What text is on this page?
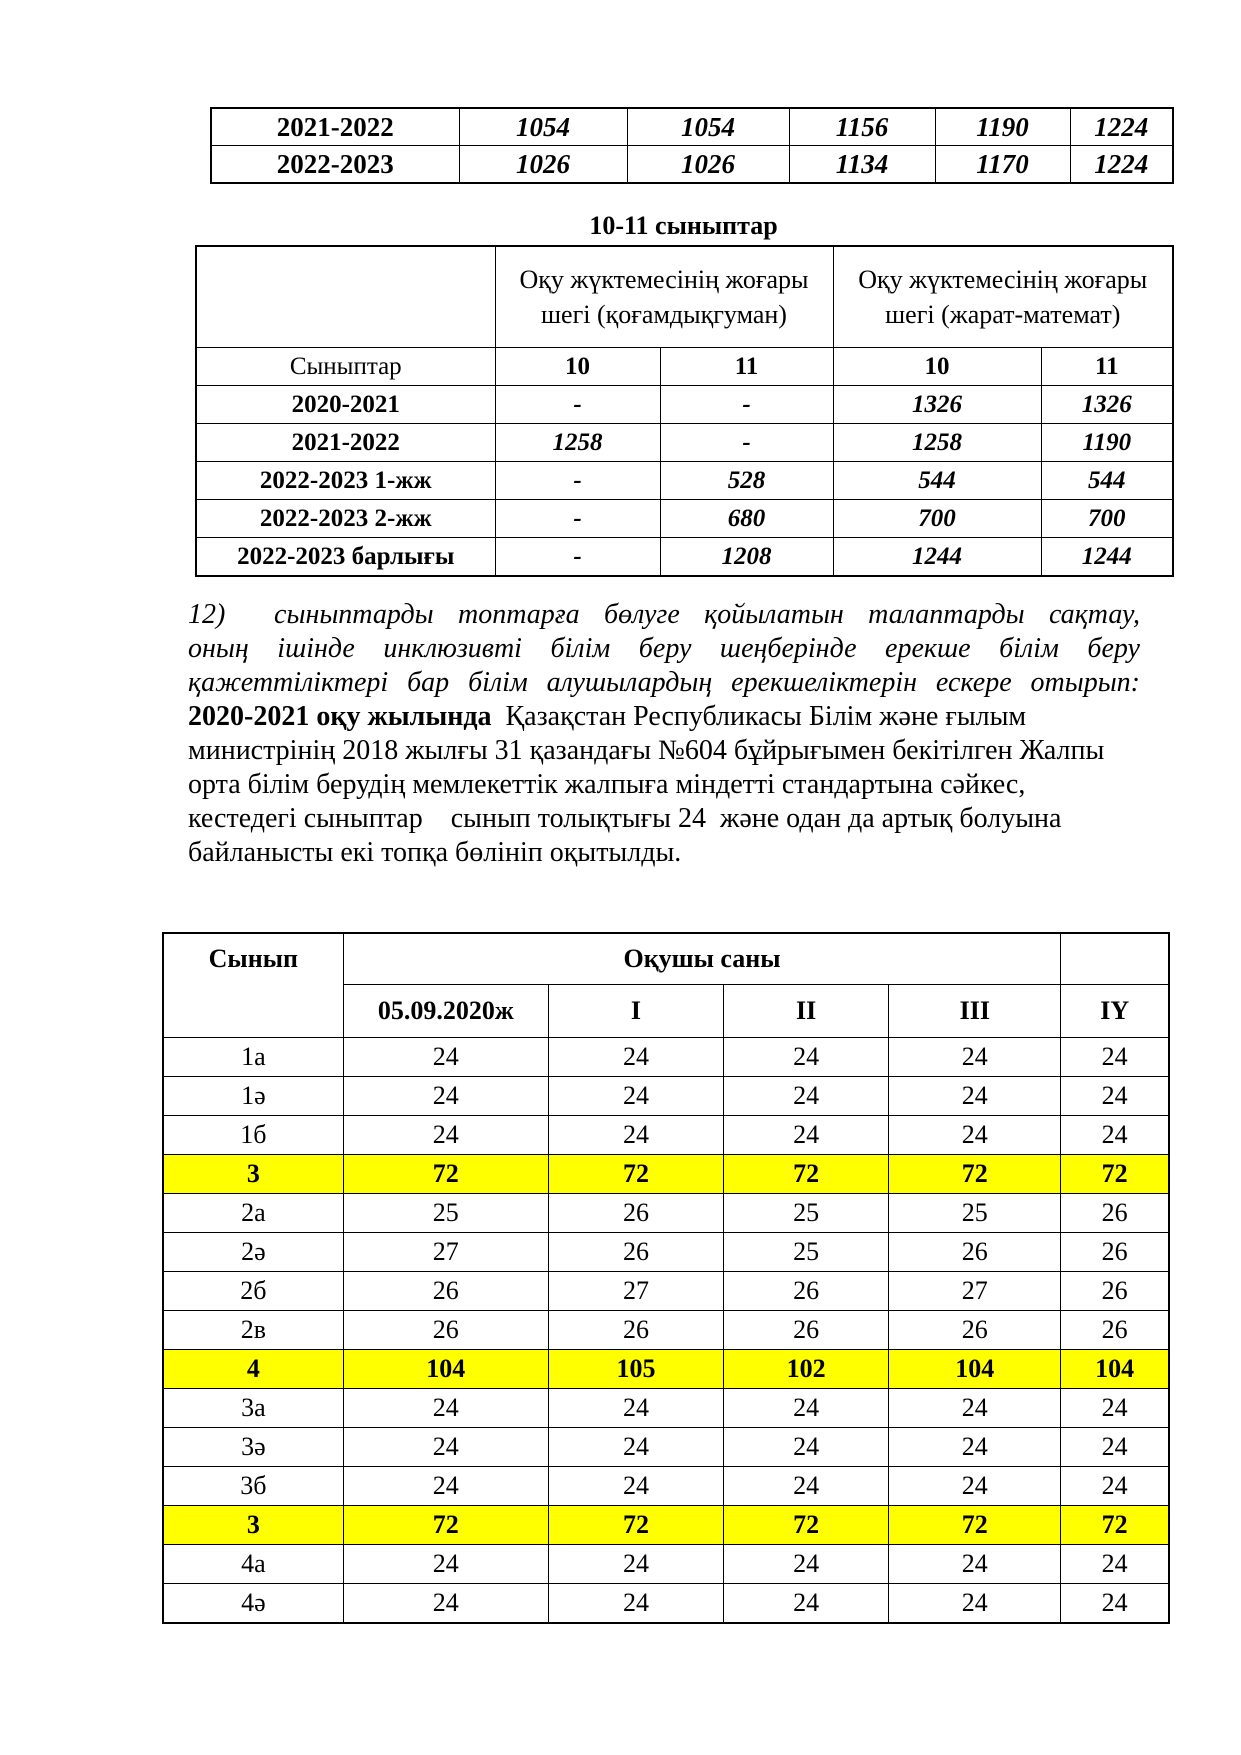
2021-2022	1054	1054	1156	1190	1224
2022-2023	1026	1026	1134	1170	1224
10-11 сыныптар
	Оқу жүктемесінің жоғары шегі (қоғамдықгуман)		Оқу жүктемесінің жоғары шегі (жарат-математ)	
Сыныптар	10	11	10	11
2020-2021	-	-	1326	1326
2021-2022	1258	-	1258	1190
2022-2023 1-жж	-	528	544	544
2022-2023 2-жж	-	680	700	700
2022-2023 барлығы	-	1208	1244	1244
12)  сыныптарды топтарға бөлуге қойылатын талаптарды сақтау,
оның ішінде инклюзивті білім беру шеңберінде ерекше білім беру
қажеттіліктері бар білім алушылардың ерекшеліктерін ескере отырып:
2020-2021 оқу жылында  Қазақстан Республикасы Білім және ғылым
министрінің 2018 жылғы 31 қазандағы №604 бұйрығымен бекітілген Жалпы
орта білім берудің мемлекеттік жалпыға міндетті стандартына сәйкес,
кестедегі сыныптар    сынып толықтығы 24  және одан да артық болуына
байланысты екі топқа бөлініп оқытылды.
Сынып	Оқушы саны				
	05.09.2020ж	I	II	III	IY
1а	24	24	24	24	24
1ә	24	24	24	24	24
1б	24	24	24	24	24
3	72	72	72	72	72
2а	25	26	25	25	26
2ә	27	26	25	26	26
2б	26	27	26	27	26
2в	26	26	26	26	26
4	104	105	102	104	104
3а	24	24	24	24	24
3ә	24	24	24	24	24
3б	24	24	24	24	24
3	72	72	72	72	72
4а	24	24	24	24	24
4ә	24	24	24	24	24
